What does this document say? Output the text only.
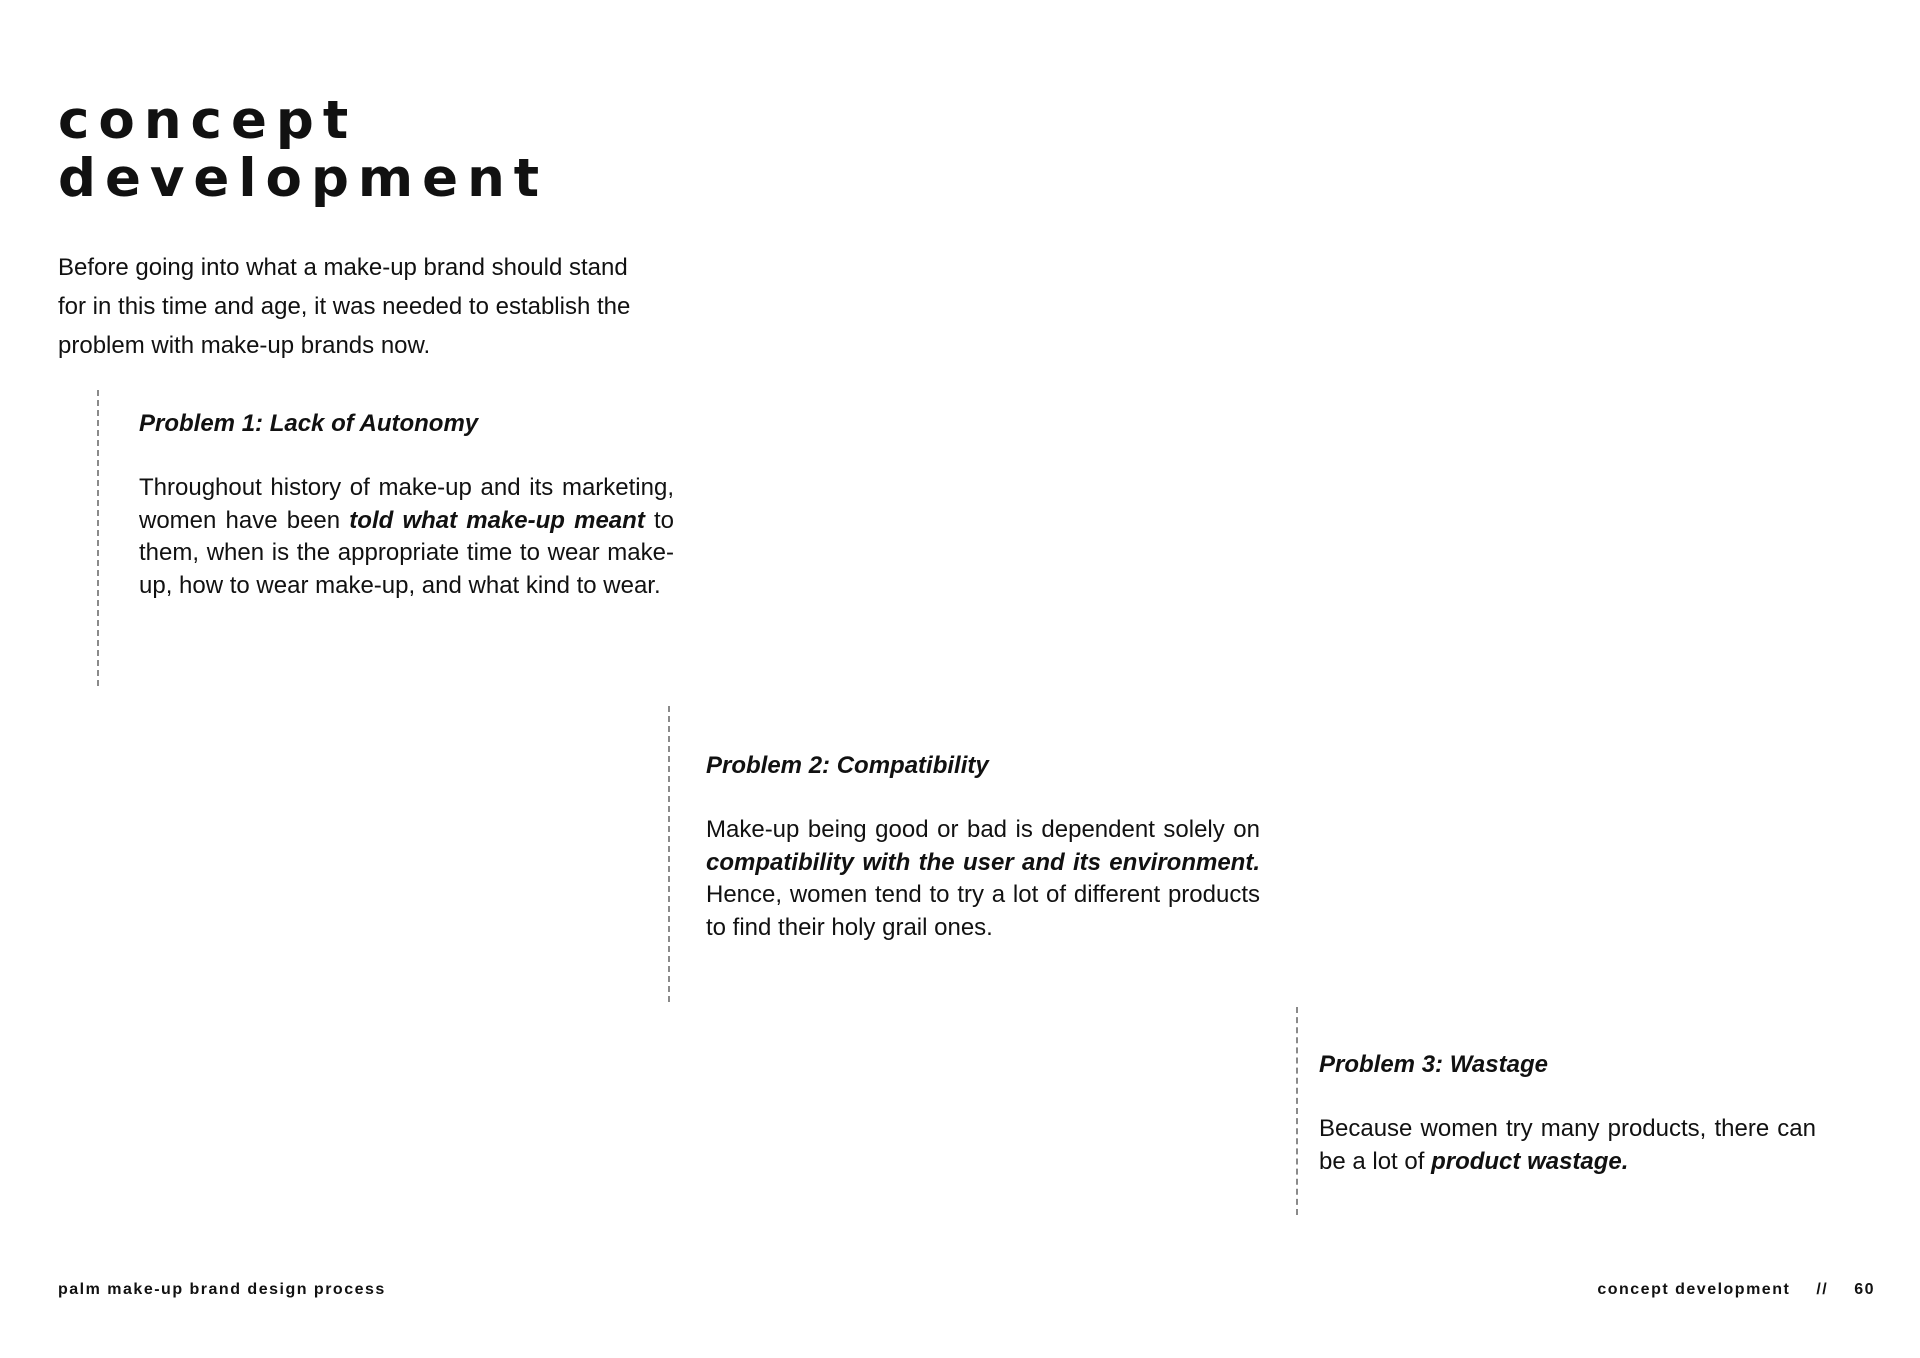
concept
development

Before going into what a make-up brand should stand for in this time and age, it was needed to establish the problem with make-up brands now.

Problem 1: Lack of Autonomy

Throughout history of make-up and its marketing, women have been told what make-up meant to them, when is the appropriate time to wear make-up, how to wear make-up, and what kind to wear.

Problem 2: Compatibility

Make-up being good or bad is dependent solely on compatibility with the user and its environment. Hence, women tend to try a lot of different products to find their holy grail ones.

Problem 3: Wastage

Because women try many products, there can be a lot of product wastage.

palm make-up brand design process	concept development // 60
